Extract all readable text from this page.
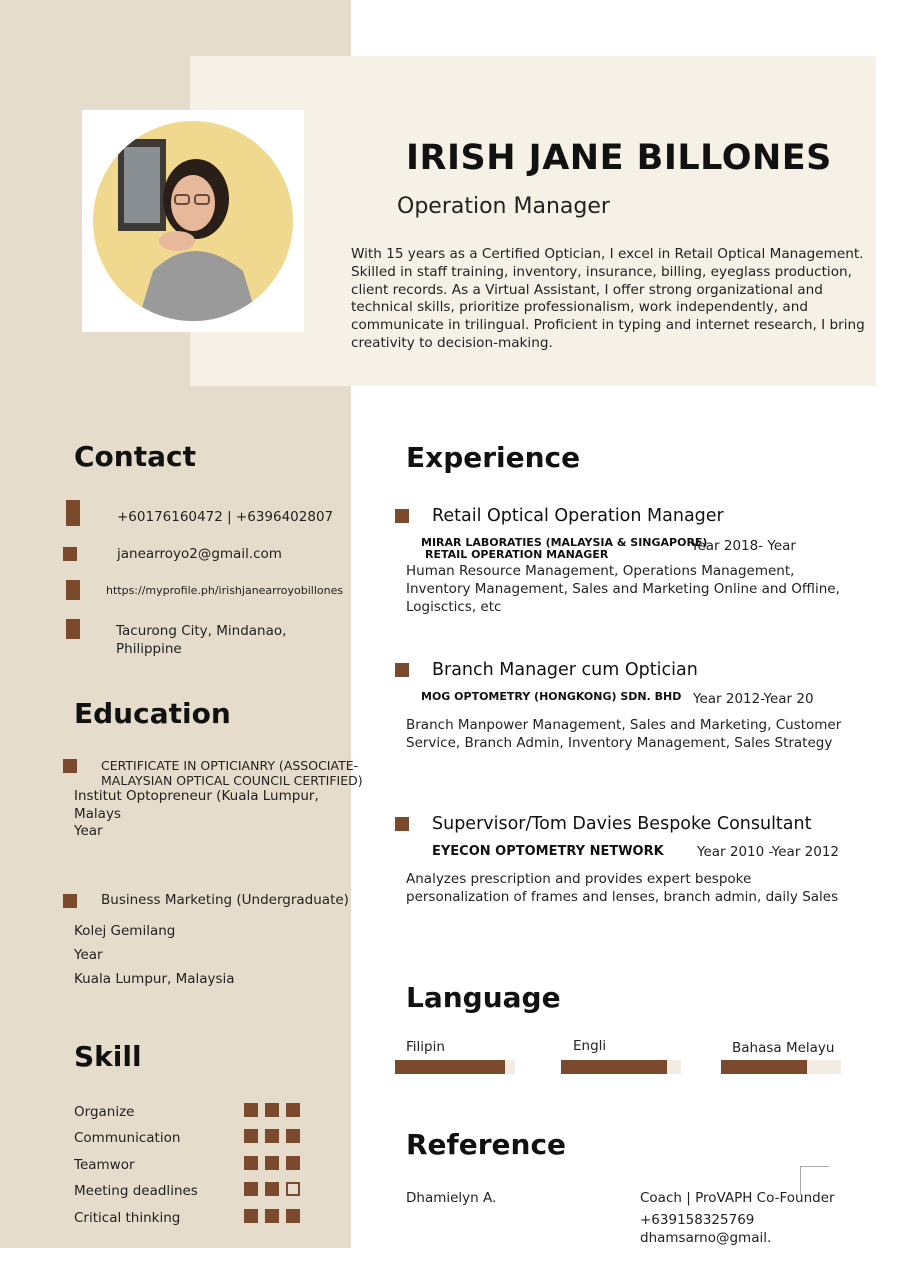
IRISH JANE BILLONES
Operation Manager
With 15 years as a Certified Optician, I excel in Retail Optical Management. Skilled in staff training, inventory, insurance, billing, eyeglass production, client records. As a Virtual Assistant, I offer strong organizational and technical skills, prioritize professionalism, work independently, and communicate in trilingual. Proficient in typing and internet research, I bring creativity to decision-making.
Contact
+60176160472 | +6396402807
janearroyo2@gmail.com
https://myprofile.ph/irishjanearroyobillones
Tacurong City, Mindanao,
Philippine
Education
CERTIFICATE IN OPTICIANRY (ASSOCIATE-
MALAYSIAN OPTICAL COUNCIL CERTIFIED)
Institut Optopreneur (Kuala Lumpur,
Malays
Year
Business Marketing (Undergraduate)
Kolej Gemilang
Year
Kuala Lumpur, Malaysia
Skill
Organize
Communication
Teamwor
Meeting deadlines
Critical thinking
Experience
Retail Optical Operation Manager
MIRAR LABORATIES (MALAYSIA & SINGAPORE)
RETAIL OPERATION MANAGER
Year 2018- Year
Human Resource Management, Operations Management, Inventory Management, Sales and Marketing Online and Offline, Logisctics, etc
Branch Manager cum Optician
MOG OPTOMETRY (HONGKONG) SDN. BHD Year 2012-Year 20
Branch Manpower Management, Sales and Marketing, Customer Service, Branch Admin, Inventory Management, Sales Strategy
Supervisor/Tom Davies Bespoke Consultant
EYECON OPTOMETRY NETWORK Year 2010 -Year 2012
Analyzes prescription and provides expert bespoke personalization of frames and lenses, branch admin, daily Sales
Language
Filipin	Engli	Bahasa Melayu
Reference
Dhamielyn A.	Coach | ProVAPH Co-Founder
+639158325769
dhamsarno@gmail.
